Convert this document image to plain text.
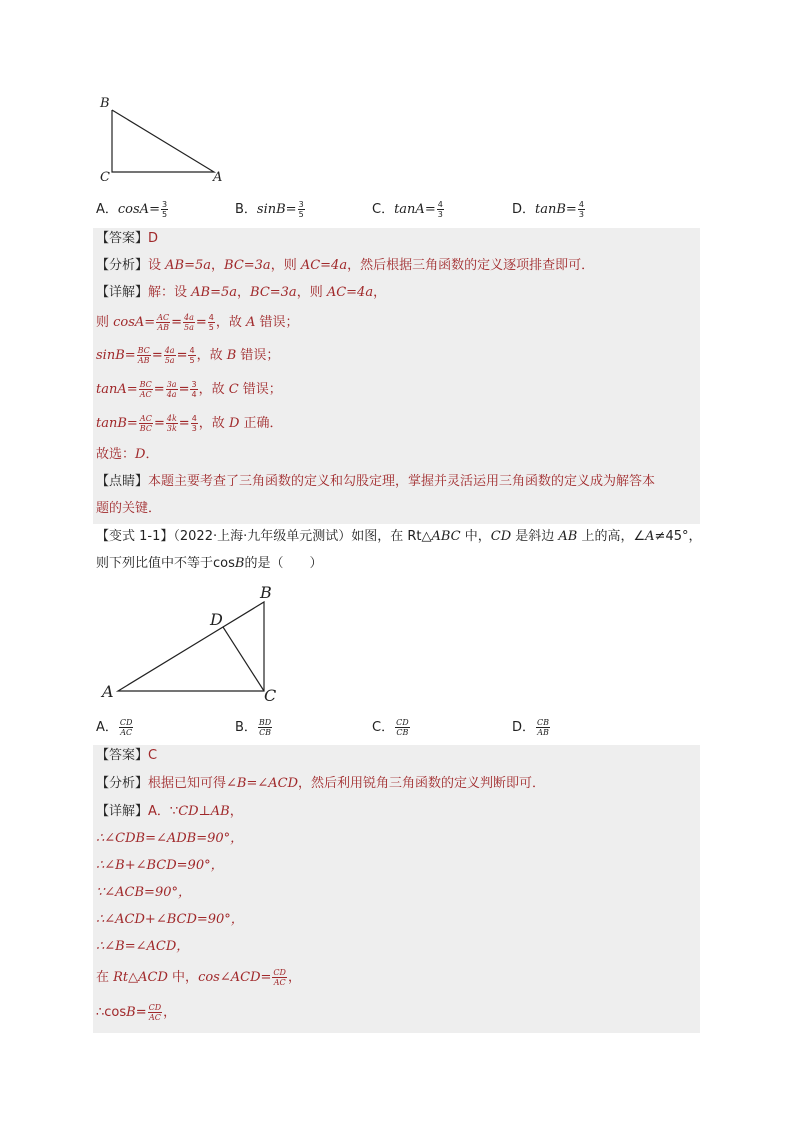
B
C	A
A．$\cos A= \frac{3}{5}$	B．$\sin B= \frac{3}{5}$	C．$\tan A= \frac{4}{3}$	D．$\tan B= \frac{4}{3}$
【答案】D
【分析】设 AB=5a，BC=3a，则 AC=4a，然后根据三角函数的定义逐项排查即可．
【详解】解：设 AB=5a，BC=3a，则 AC=4a，
则 $\cos A= \frac{AC}{AB} = \frac{4a}{5a} = \frac{4}{5}$ ，故 A 错误；
$\sin B= \frac{BC}{AB} = \frac{4a}{5a} = \frac{4}{5}$ ，故 B 错误；
$\tan A= \frac{BC}{AC} = \frac{3a}{4a} = \frac{3}{4}$ ，故 C 错误；
$\tan B= \frac{AC}{BC} = \frac{4k}{3k} = \frac{4}{3}$ ，故 D 正确．
故选：D．
【点睛】本题主要考查了三角函数的定义和勾股定理，掌握并灵活运用三角函数的定义成为解答本
题的关键．
【变式 1-1】（2022·上海·九年级单元测试）如图，在 Rt△ABC 中，CD 是斜边 AB 上的高，∠A≠45°，
则下列比值中不等于cosB的是（　　）
B
D
A	C
A． $\frac{CD}{AC}$	B． $\frac{BD}{CB}$	C． $\frac{CD}{CB}$	D． $\frac{CB}{AB}$
【答案】C
【分析】根据已知可得∠B=∠ACD，然后利用锐角三角函数的定义判断即可．
【详解】A．∵CD⊥AB，
∴∠CDB=∠ADB=90°，
∴∠B+∠BCD=90°，
∵∠ACB=90°，
∴∠ACD+∠BCD=90°，
∴∠B=∠ACD，
在 Rt△ACD 中，cos∠ACD= $\frac{CD}{AC}$ ，
∴cosB= $\frac{CD}{AC}$ ，
